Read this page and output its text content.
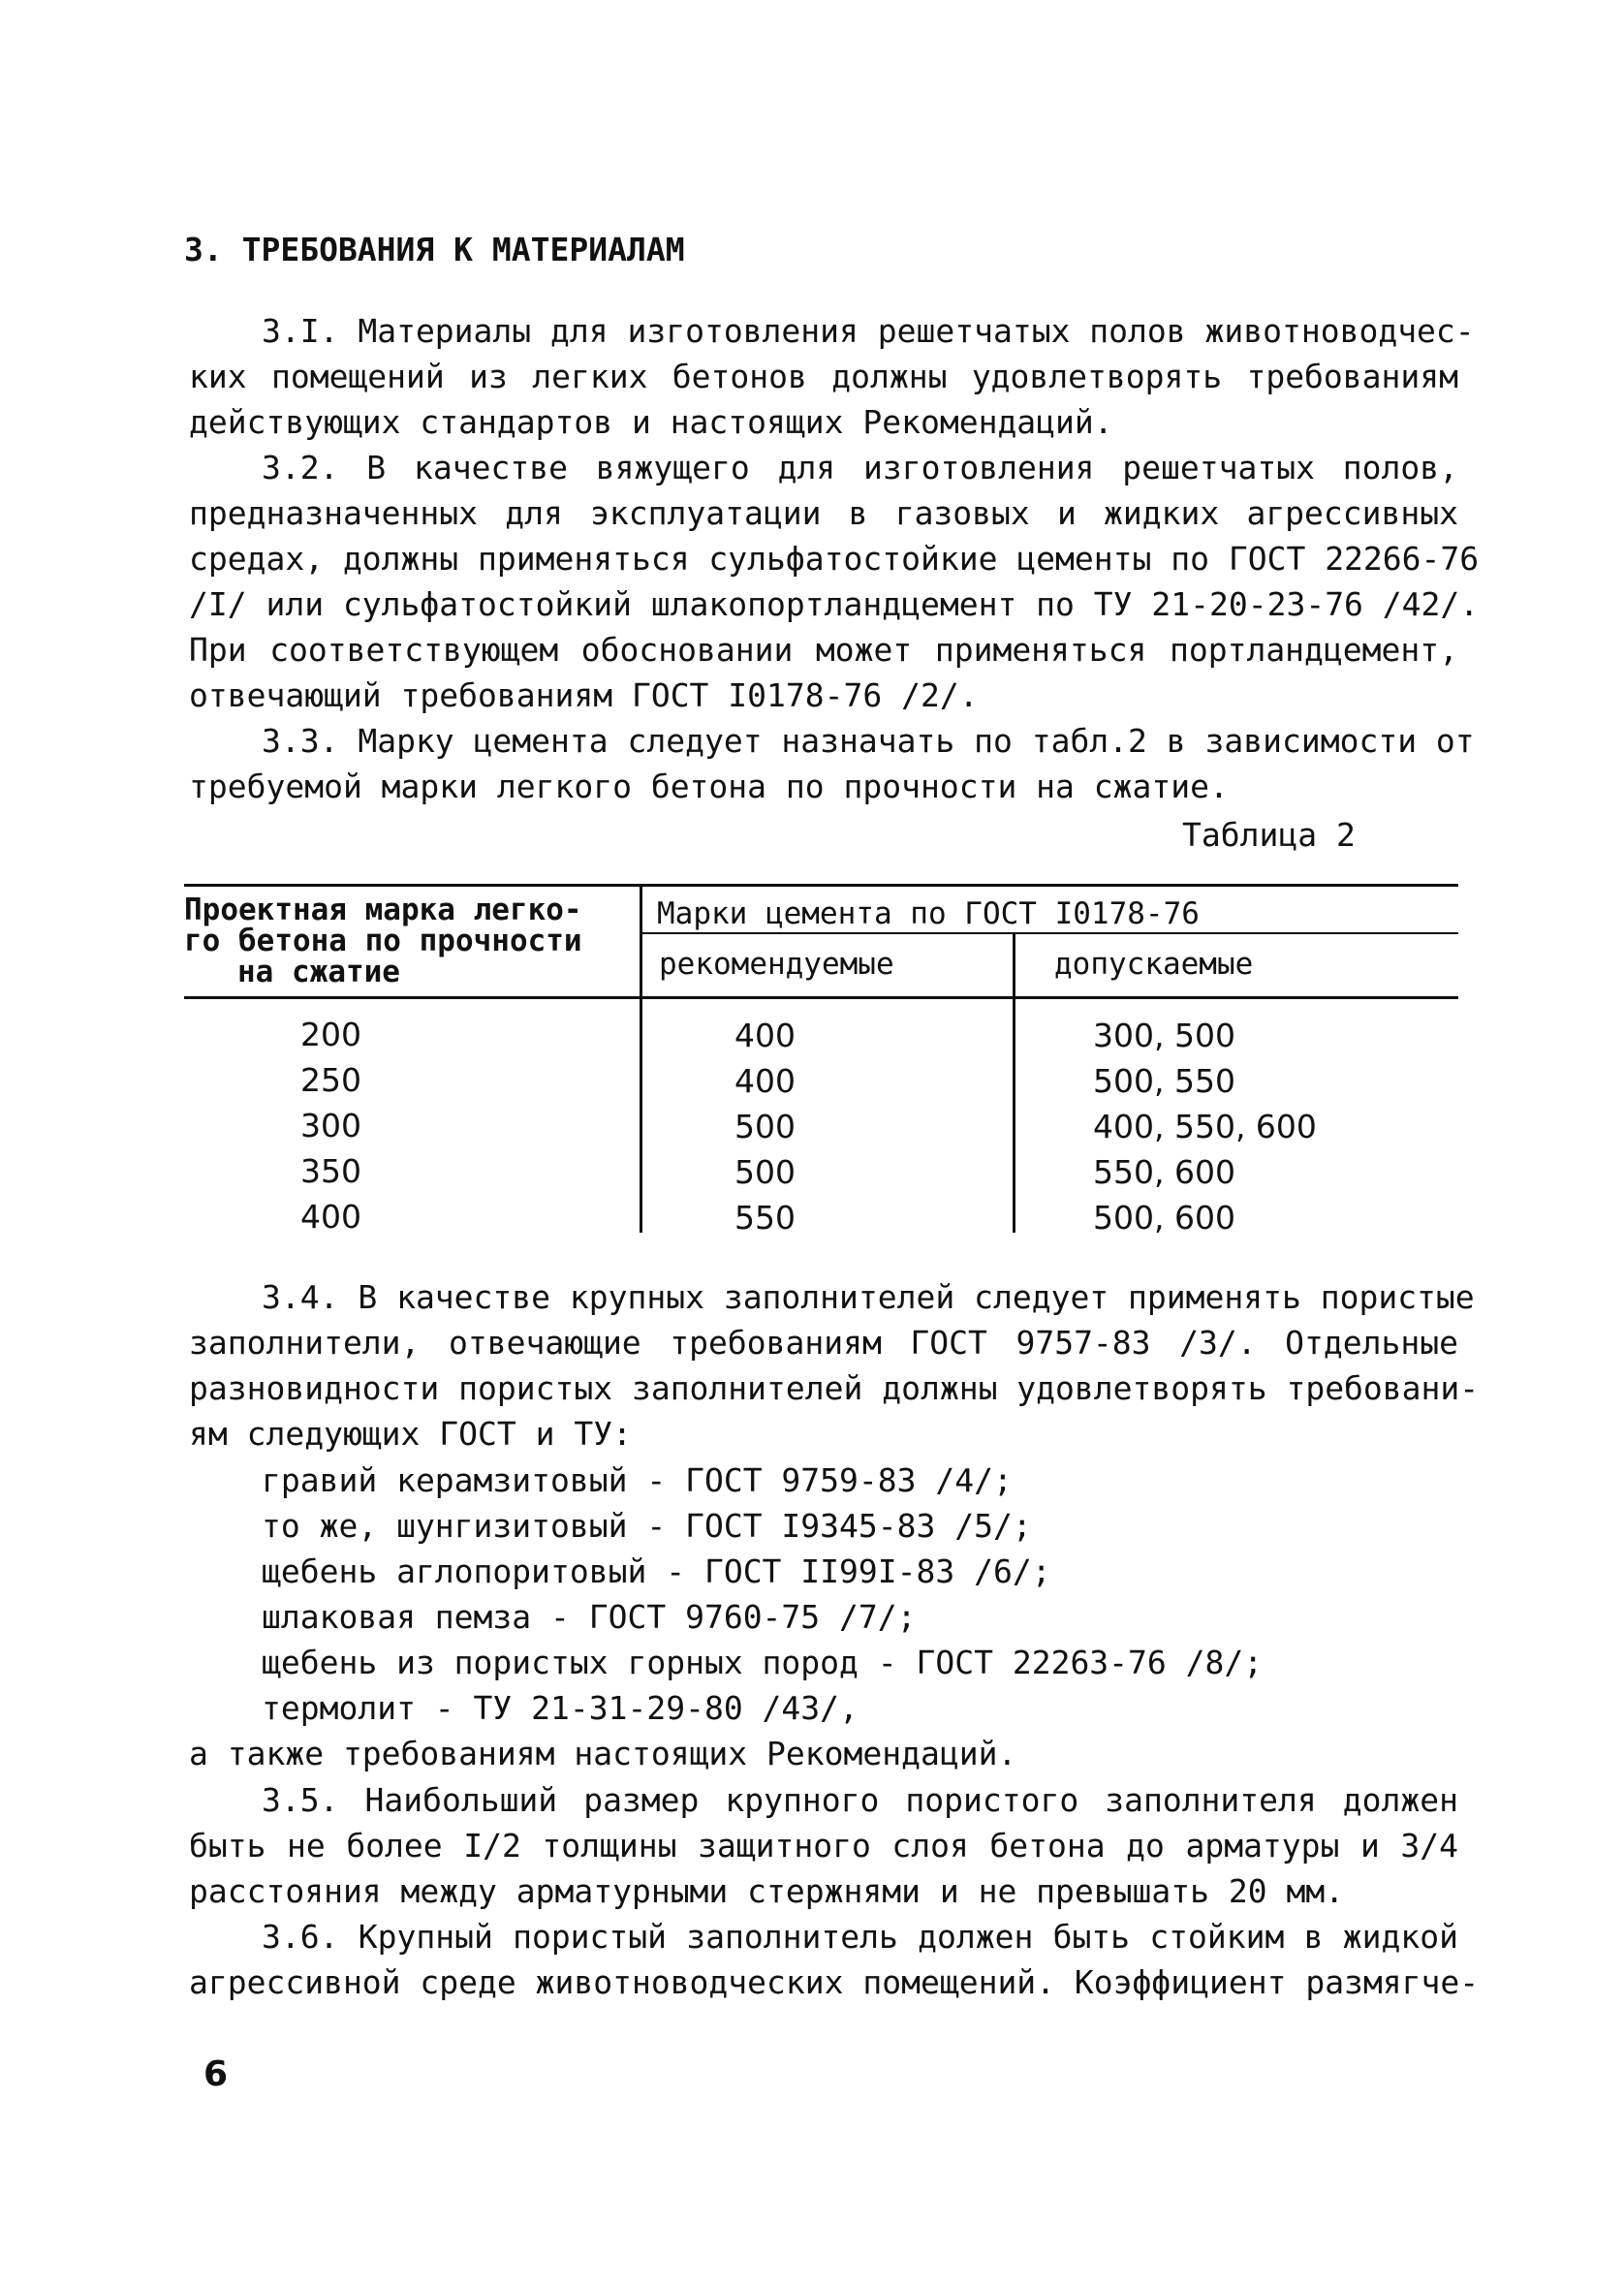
3. ТРЕБОВАНИЯ К МАТЕРИАЛАМ
3.I. Материалы для изготовления решетчатых полов животноводчес-
ких помещений из легких бетонов должны удовлетворять требованиям
действующих стандартов и настоящих Рекомендаций.
3.2. В качестве вяжущего для изготовления решетчатых полов,
предназначенных для эксплуатации в газовых и жидких агрессивных
средах, должны применяться сульфатостойкие цементы по ГОСТ 22266-76
/I/ или сульфатостойкий шлакопортландцемент по ТУ 21-20-23-76 /42/.
При соответствующем обосновании может применяться портландцемент,
отвечающий требованиям ГОСТ I0178-76 /2/.
3.3. Марку цемента следует назначать по табл.2 в зависимости от
требуемой марки легкого бетона по прочности на сжатие.
Таблица 2
Проектная марка легко-
го бетона по прочности
на сжатие
Марки цемента по ГОСТ I0178-76
рекомендуемые	допускаемые
200	400	300, 500
250	400	500, 550
300	500	400, 550, 600
350	500	550, 600
400	550	500, 600
3.4. В качестве крупных заполнителей следует применять пористые
заполнители, отвечающие требованиям ГОСТ 9757-83 /3/. Отдельные
разновидности пористых заполнителей должны удовлетворять требовани-
ям следующих ГОСТ и ТУ:
гравий керамзитовый - ГОСТ 9759-83 /4/;
то же, шунгизитовый - ГОСТ I9345-83 /5/;
щебень аглопоритовый - ГОСТ II99I-83 /6/;
шлаковая пемза - ГОСТ 9760-75 /7/;
щебень из пористых горных пород - ГОСТ 22263-76 /8/;
термолит - ТУ 21-31-29-80 /43/,
а также требованиям настоящих Рекомендаций.
3.5. Наибольший размер крупного пористого заполнителя должен
быть не более I/2 толщины защитного слоя бетона до арматуры и 3/4
расстояния между арматурными стержнями и не превышать 20 мм.
3.6. Крупный пористый заполнитель должен быть стойким в жидкой
агрессивной среде животноводческих помещений. Коэффициент размягче-
6
